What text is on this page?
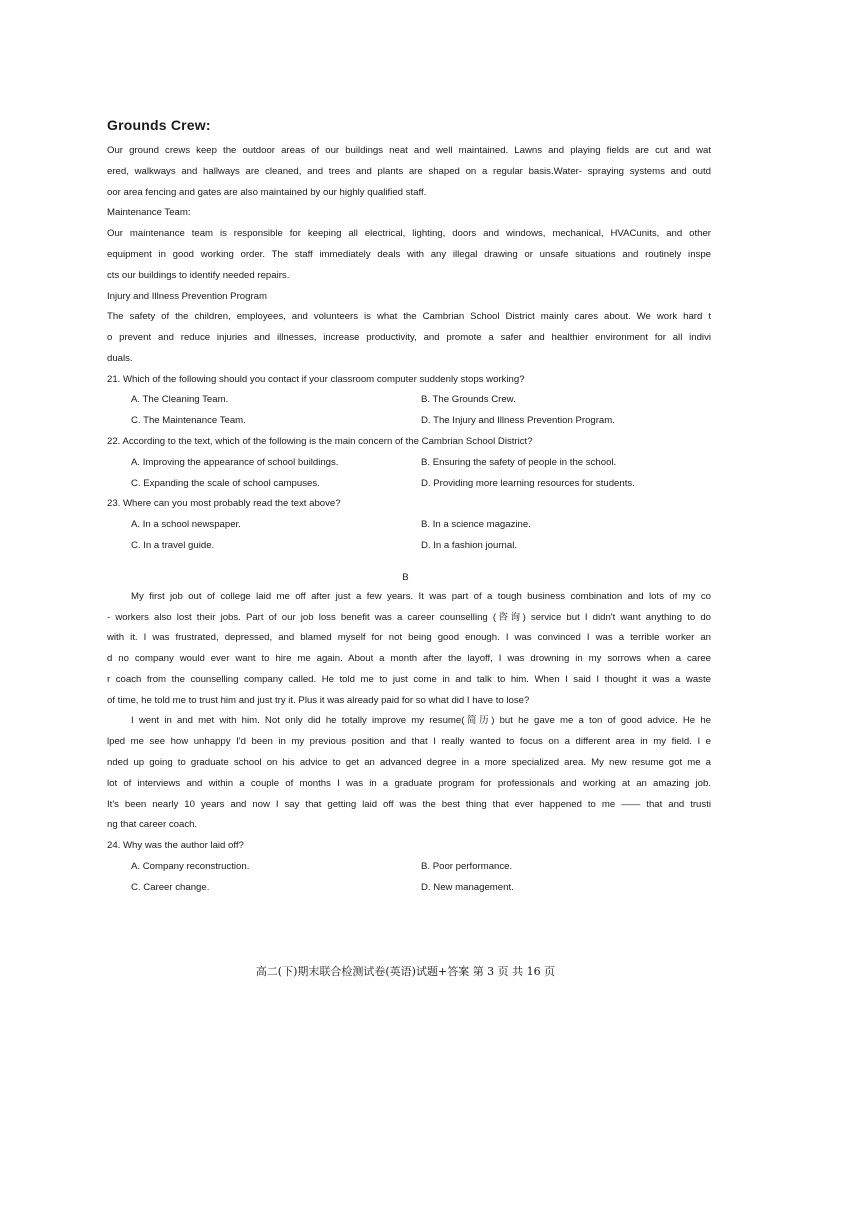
Grounds Crew:
Our ground crews keep the outdoor areas of our buildings neat and well maintained. Lawns and playing fields are cut and wat
ered, walkways and hallways are cleaned, and trees and plants are shaped on a regular basis.Water- spraying systems and outd
oor area fencing and gates are also maintained by our highly qualified staff.
Maintenance Team:
Our maintenance team is responsible for keeping all electrical, lighting, doors and windows, mechanical, HVACunits, and other
equipment in good working order. The staff immediately deals with any illegal drawing or unsafe situations and routinely inspe
cts our buildings to identify needed repairs.
Injury and Illness Prevention Program
The safety of the children, employees, and volunteers is what the Cambrian School District mainly cares about. We work hard t
o prevent and reduce injuries and illnesses, increase productivity, and promote a safer and healthier environment for all indivi
duals.
21. Which of the following should you contact if your classroom computer suddenly stops working?
A. The Cleaning Team.	B. The Grounds Crew.
C. The Maintenance Team.	D. The Injury and Illness Prevention Program.
22. According to the text, which of the following is the main concern of the Cambrian School District?
A. Improving the appearance of school buildings.	B. Ensuring the safety of people in the school.
C. Expanding the scale of school campuses.	D. Providing more learning resources for students.
23. Where can you most probably read the text above?
A. In a school newspaper.	B. In a science magazine.
C. In a travel guide.	D. In a fashion journal.
B
My first job out of college laid me off after just a few years. It was part of a tough business combination and lots of my co
- workers also lost their jobs. Part of our job loss benefit was a career counselling (咨询) service but I didn't want anything to do
with it. I was frustrated, depressed, and blamed myself for not being good enough. I was convinced I was a terrible worker an
d no company would ever want to hire me again. About a month after the layoff, I was drowning in my sorrows when a caree
r coach from the counselling company called. He told me to just come in and talk to him. When I said I thought it was a waste
of time, he told me to trust him and just try it. Plus it was already paid for so what did I have to lose?
I went in and met with him. Not only did he totally improve my resume(简历) but he gave me a ton of good advice. He he
lped me see how unhappy I'd been in my previous position and that I really wanted to focus on a different area in my field. I e
nded up going to graduate school on his advice to get an advanced degree in a more specialized area. My new resume got me a
lot of interviews and within a couple of months I was in a graduate program for professionals and working at an amazing job.
It's been nearly 10 years and now I say that getting laid off was the best thing that ever happened to me —— that and trusti
ng that career coach.
24. Why was the author laid off?
A. Company reconstruction.	B. Poor performance.
C. Career change.	D. New management.
高二(下)期末联合检测试卷(英语)试题+答案 第 3 页 共 16 页
